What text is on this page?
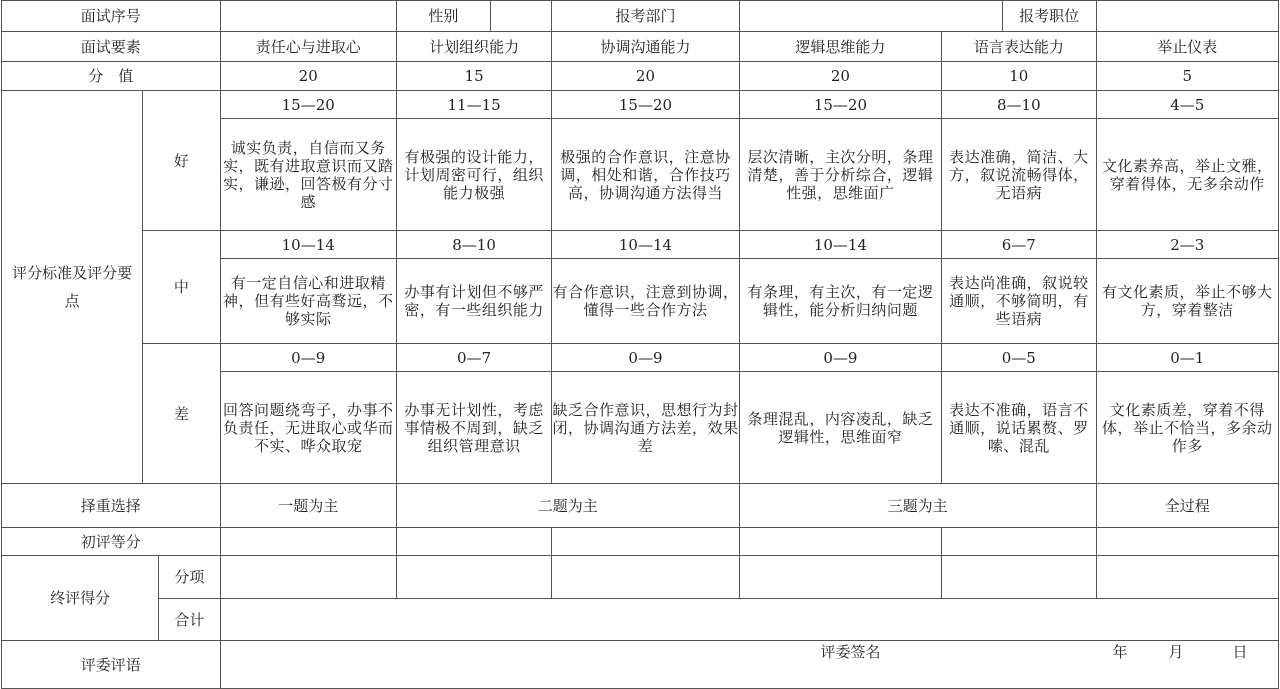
面试序号				性别	报考部门	报考职位		

面试要素			责任心与进取心	计划组织能力	协调沟通能力	逻辑思维能力	语言表达能力	举止仪表
分　值			20	15	20	20	10	5
评分标准及评分要点	好		15—20	11—15	15—20	15—20	8—10	4—5
			诚实负责，自信而又务实，既有进取意识而又踏实，谦逊，回答极有分寸感	有极强的设计能力，计划周密可行，组织能力极强	极强的合作意识，注意协调，相处和谐，合作技巧高，协调沟通方法得当	层次清晰，主次分明，条理清楚，善于分析综合，逻辑性强，思维面广	表达准确，简洁、大方，叙说流畅得体，无语病	文化素养高，举止文雅，穿着得体，无多余动作
	中		10—14	8—10	10—14	10—14	6—7	2—3
			有一定自信心和进取精神，但有些好高骛远，不够实际	办事有计划但不够严密，有一些组织能力	有合作意识，注意到协调，懂得一些合作方法	有条理，有主次，有一定逻辑性，能分析归纳问题	表达尚准确，叙说较通顺，不够简明，有些语病	有文化素质，举止不够大方，穿着整洁
	差		0—9	0—7	0—9	0—9	0—5	0—1
			回答问题绕弯子，办事不负责任，无进取心或华而不实、哗众取宠	办事无计划性，考虑事情极不周到，缺乏组织管理意识	缺乏合作意识，思想行为封闭，协调沟通方法差，效果差	条理混乱，内容凌乱，缺乏逻辑性，思维面窄	表达不准确，语言不通顺，说话累赘、罗嗦、混乱	文化素质差，穿着不得体，举止不恰当，多余动作多
择重选择			一题为主	二题为主		三题为主		全过程
初评等分								
终评得分		分项						
		合计						
评委评语			评委签名 年 月 日					
